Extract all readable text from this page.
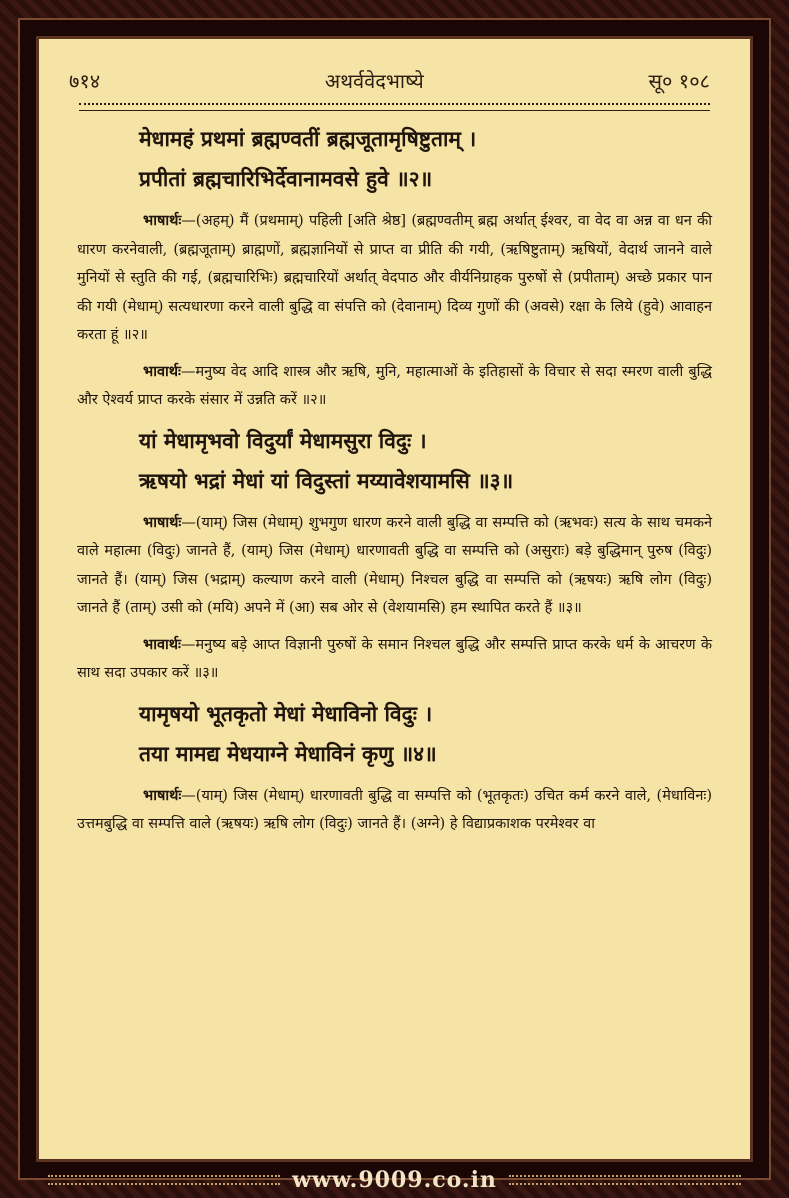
७१४	अथर्ववेदभाष्ये	सू० १०८
मेधामहं प्रथमां ब्रह्मण्वतीं ब्रह्मजूतामृषिष्टुताम् ।
प्रपीतां ब्रह्मचारिभिर्देवानामवसे हुवे ॥२॥

भाषार्थः—(अहम्) मैं (प्रथमाम्) पहिली [अति श्रेष्ठ] (ब्रह्मण्वतीम् ब्रह्म अर्थात् ईश्वर, वा वेद वा अन्न वा धन की धारण करनेवाली, (ब्रह्मजूताम्) ब्राह्मणों, ब्रह्मज्ञानियों से प्राप्त वा प्रीति की गयी, (ऋषिष्टुताम्) ऋषियों, वेदार्थ जानने वाले मुनियों से स्तुति की गई, (ब्रह्मचारिभिः) ब्रह्मचारियों अर्थात् वेदपाठ और वीर्यनिग्राहक पुरुषों से (प्रपीताम्) अच्छे प्रकार पान की गयी (मेधाम्) सत्यधारणा करने वाली बुद्धि वा संपत्ति को (देवानाम्) दिव्य गुणों की (अवसे) रक्षा के लिये (हुवे) आवाहन करता हूं ॥२॥

भावार्थः—मनुष्य वेद आदि शास्त्र और ऋषि, मुनि, महात्माओं के इतिहासों के विचार से सदा स्मरण वाली बुद्धि और ऐश्वर्य प्राप्त करके संसार में उन्नति करें ॥२॥

यां मेधामृभवो विदुर्यां मेधामसुरा विदुः ।
ऋषयो भद्रां मेधां यां विदुस्तां मय्यावेशयामसि ॥३॥

भाषार्थः—(याम्) जिस (मेधाम्) शुभगुण धारण करने वाली बुद्धि वा सम्पत्ति को (ऋभवः) सत्य के साथ चमकने वाले महात्मा (विदुः) जानते हैं, (याम्) जिस (मेधाम्) धारणावती बुद्धि वा सम्पत्ति को (असुराः) बड़े बुद्धिमान् पुरुष (विदुः) जानते हैं। (याम्) जिस (भद्राम्) कल्याण करने वाली (मेधाम्) निश्चल बुद्धि वा सम्पत्ति को (ऋषयः) ऋषि लोग (विदुः) जानते हैं (ताम्) उसी को (मयि) अपने में (आ) सब ओर से (वेशयामसि) हम स्थापित करते हैं ॥३॥

भावार्थः—मनुष्य बड़े आप्त विज्ञानी पुरुषों के समान निश्चल बुद्धि और सम्पत्ति प्राप्त करके धर्म के आचरण के साथ सदा उपकार करें ॥३॥

यामृषयो भूतकृतो मेधां मेधाविनो विदुः ।
तया मामद्य मेधयाग्ने मेधाविनं कृणु ॥४॥

भाषार्थः—(याम्) जिस (मेधाम्) धारणावती बुद्धि वा सम्पत्ति को (भूतकृतः) उचित कर्म करने वाले, (मेधाविनः) उत्तमबुद्धि वा सम्पत्ति वाले (ऋषयः) ऋषि लोग (विदुः) जानते हैं। (अग्ने) हे विद्याप्रकाशक परमेश्वर वा

www.9009.co.in
